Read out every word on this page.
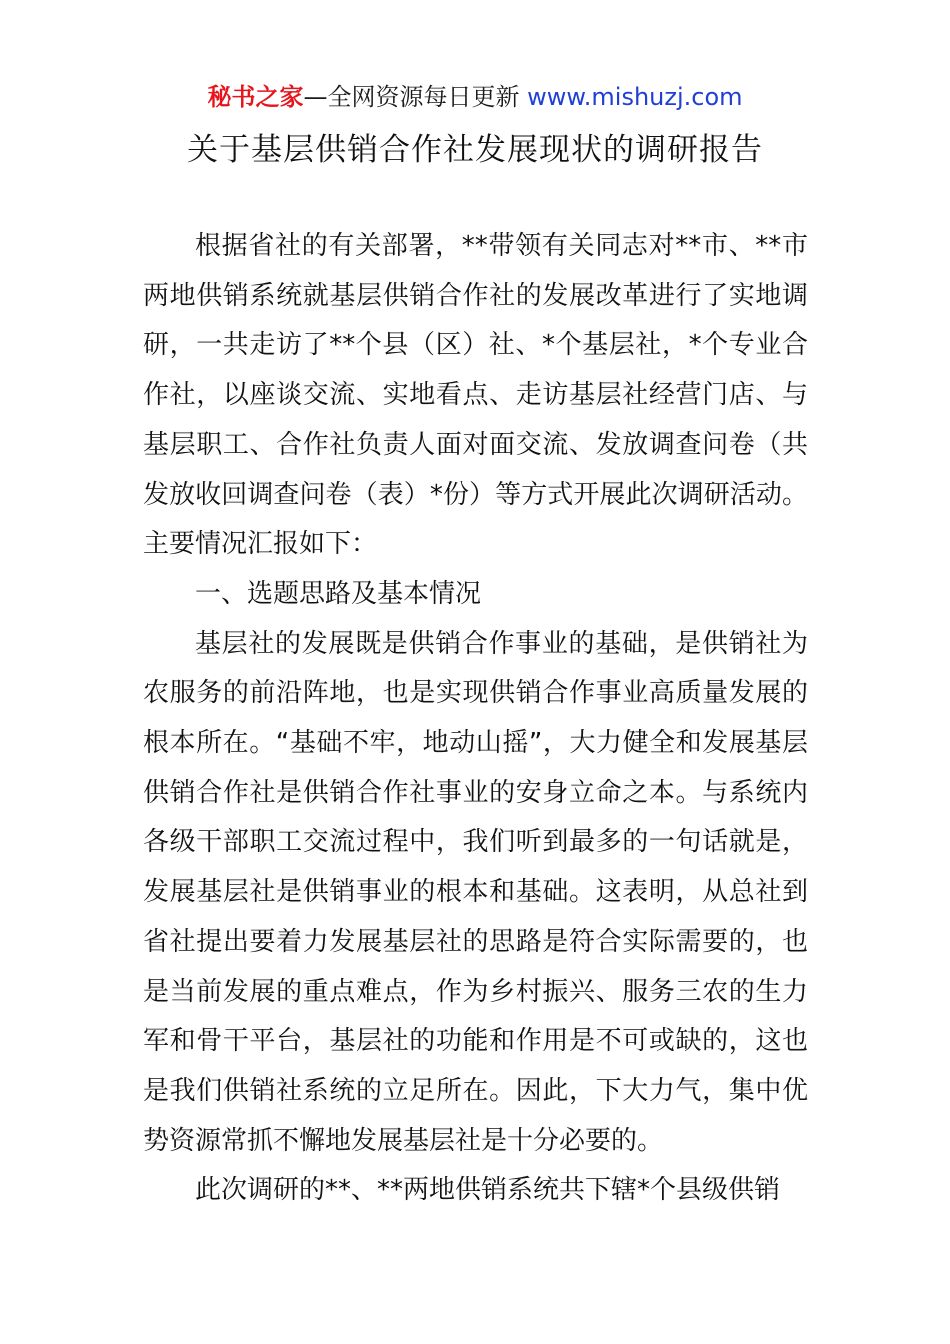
秘书之家—全网资源每日更新 www.mishuzj.com
关于基层供销合作社发展现状的调研报告

根据省社的有关部署，**带领有关同志对**市、**市两地供销系统就基层供销合作社的发展改革进行了实地调研，一共走访了**个县（区）社、*个基层社，*个专业合作社，以座谈交流、实地看点、走访基层社经营门店、与基层职工、合作社负责人面对面交流、发放调查问卷（共发放收回调查问卷（表）*份）等方式开展此次调研活动。主要情况汇报如下：

一、选题思路及基本情况

基层社的发展既是供销合作事业的基础，是供销社为农服务的前沿阵地，也是实现供销合作事业高质量发展的根本所在。“基础不牢，地动山摇”，大力健全和发展基层供销合作社是供销合作社事业的安身立命之本。与系统内各级干部职工交流过程中，我们听到最多的一句话就是，发展基层社是供销事业的根本和基础。这表明，从总社到省社提出要着力发展基层社的思路是符合实际需要的，也是当前发展的重点难点，作为乡村振兴、服务三农的生力军和骨干平台，基层社的功能和作用是不可或缺的，这也是我们供销社系统的立足所在。因此，下大力气，集中优势资源常抓不懈地发展基层社是十分必要的。

此次调研的**、**两地供销系统共下辖*个县级供销
